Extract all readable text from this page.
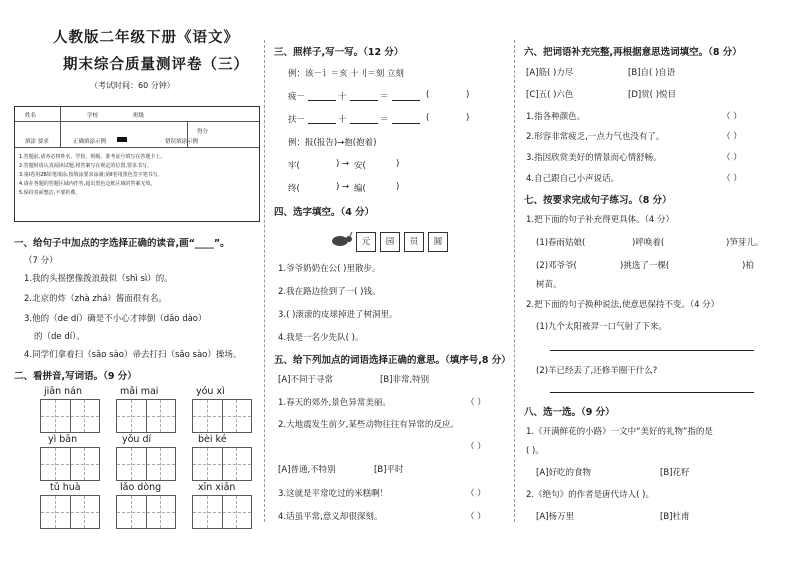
人教版二年级下册《语文》
期末综合质量测评卷（三）
（考试时间：60 分钟）
姓名	学校	班级
得分
填涂 要求	正确填涂示例	错误填涂示例
1.答题前,请务必将姓名、学校、班级、准考证号填写在答题卡上。
2.答题时请认真阅读试题,将答案写在规定的位置,要求书写。
3.第Ⅰ卷用2B铅笔填涂,按填涂要求涂满;第Ⅱ卷用黑色签字笔书写。
4.请在各题的答题区域内作答,超出黑色边框区域的答案无效。
5.保持卷面整洁,不要折叠。
一、给句子中加点的字选择正确的读音,画“____”。
（7 分）
1.我的头摇摆像拨浪鼓似（shì sì）的。
2.北京的炸（zhà zhá）酱面很有名。
3.他的（de dí）确是不小心才摔倒（dǎo dào）
的（de dí）。
4.同学们拿着扫（sǎo sào）帚去打扫（sǎo sào）操场。
二、看拼音,写词语。（9 分）
jiān nán	mǎi mai	yóu xì
yì bān	yǒu dí	bèi ké
tǔ huà	lǎo dòng	xīn xiān
三、照样子,写一写。（12 分）
例：该－讠＝亥 十刂＝刻 立刻
疲－	十	＝	(	)
扶－	十	＝	(	)
例：报(报告)→抱(抱着)
牢(	) → 安(	)
终(	) → 编(	)
四、选字填空。（4 分）
元	园	员	圆
1.爷爷奶奶在公( )里散步。
2.我在路边捡到了一( )钱。
3.( )滚滚的皮球掉进了树洞里。
4.我是一名少先队( )。
五、给下列加点的词语选择正确的意思。（填序号,8 分）
[A]不同于寻常	[B]非常,特别
1.春天的郊外,景色异常美丽。	（ ）
2.大地震发生前夕,某些动物往往有异常的反应。
（ ）
[A]普通,不特别	[B]平时
3.这就是平常吃过的米糕啊！	（ ）
4.话虽平常,意义却很深刻。	（ ）
六、把词语补充完整,再根据意思选词填空。（8 分）
[A]筋( )力尽	[B]自( )自语
[C]五( )六色	[D]赏( )悦目
1.指各种颜色。	（ ）
2.形容非常疲乏,一点力气也没有了。	（ ）
3.指因欣赏美好的情景而心情舒畅。	（ ）
4.自己跟自己小声说话。	（ ）
七、按要求完成句子练习。（8 分）
1.把下面的句子补充得更具体。（4 分）
(1)春雨姑娘(	)呼唤着(	)笋芽儿。
(2)邓爷爷(	)挑选了一棵(	)柏
树苗。
2.把下面的句子换种说法,使意思保持不变。（4 分）
(1)九个太阳被羿一口气射了下来。
(2)羊已经丢了,还修羊圈干什么?
八、选一选。（9 分）
1.《开满鲜花的小路》一文中“美好的礼物”指的是
( )。
[A]好吃的食物	[B]花籽
2.《绝句》的作者是唐代诗人( )。
[A]杨万里	[B]杜甫
